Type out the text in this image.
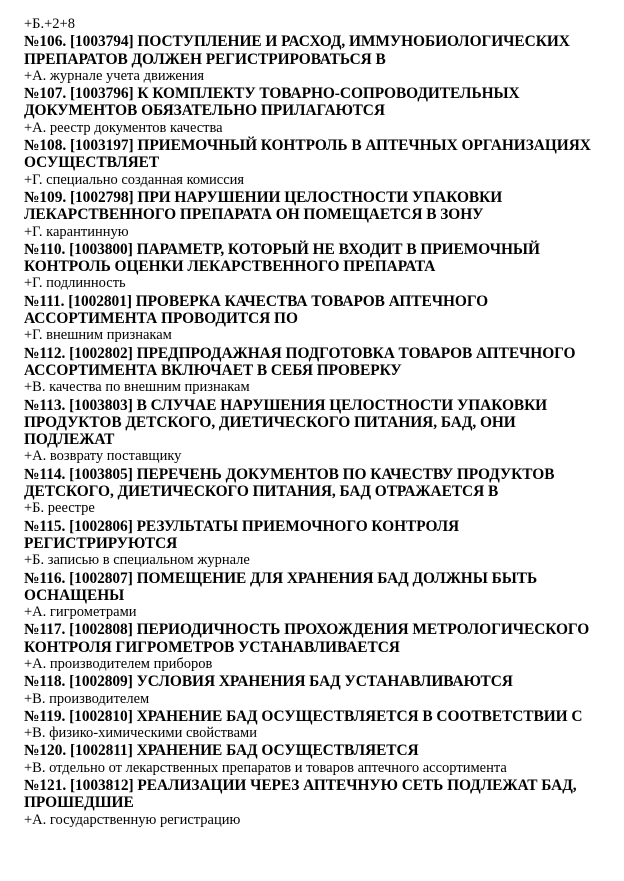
+Б.+2+8
№106. [1003794] ПОСТУПЛЕНИЕ И РАСХОД, ИММУНОБИОЛОГИЧЕСКИХ
ПРЕПАРАТОВ ДОЛЖЕН РЕГИСТРИРОВАТЬСЯ В
+А. журнале учета движения
№107. [1003796] К КОМПЛЕКТУ ТОВАРНО-СОПРОВОДИТЕЛЬНЫХ
ДОКУМЕНТОВ ОБЯЗАТЕЛЬНО ПРИЛАГАЮТСЯ
+А. реестр документов качества
№108. [1003197] ПРИЕМОЧНЫЙ КОНТРОЛЬ В АПТЕЧНЫХ ОРГАНИЗАЦИЯХ
ОСУЩЕСТВЛЯЕТ
+Г. специально созданная комиссия
№109. [1002798] ПРИ НАРУШЕНИИ ЦЕЛОСТНОСТИ УПАКОВКИ
ЛЕКАРСТВЕННОГО ПРЕПАРАТА ОН ПОМЕЩАЕТСЯ В ЗОНУ
+Г. карантинную
№110. [1003800] ПАРАМЕТР, КОТОРЫЙ НЕ ВХОДИТ В ПРИЕМОЧНЫЙ
КОНТРОЛЬ ОЦЕНКИ ЛЕКАРСТВЕННОГО ПРЕПАРАТА
+Г. подлинность
№111. [1002801] ПРОВЕРКА КАЧЕСТВА ТОВАРОВ АПТЕЧНОГО
АССОРТИМЕНТА ПРОВОДИТСЯ ПО
+Г. внешним признакам
№112. [1002802] ПРЕДПРОДАЖНАЯ ПОДГОТОВКА ТОВАРОВ АПТЕЧНОГО
АССОРТИМЕНТА ВКЛЮЧАЕТ В СЕБЯ ПРОВЕРКУ
+В. качества по внешним признакам
№113. [1003803] В СЛУЧАЕ НАРУШЕНИЯ ЦЕЛОСТНОСТИ УПАКОВКИ
ПРОДУКТОВ ДЕТСКОГО, ДИЕТИЧЕСКОГО ПИТАНИЯ, БАД, ОНИ
ПОДЛЕЖАТ
+А. возврату поставщику
№114. [1003805] ПЕРЕЧЕНЬ ДОКУМЕНТОВ ПО КАЧЕСТВУ ПРОДУКТОВ
ДЕТСКОГО, ДИЕТИЧЕСКОГО ПИТАНИЯ, БАД ОТРАЖАЕТСЯ В
+Б. реестре
№115. [1002806] РЕЗУЛЬТАТЫ ПРИЕМОЧНОГО КОНТРОЛЯ
РЕГИСТРИРУЮТСЯ
+Б. записью в специальном журнале
№116. [1002807] ПОМЕЩЕНИЕ ДЛЯ ХРАНЕНИЯ БАД ДОЛЖНЫ БЫТЬ
ОСНАЩЕНЫ
+А. гигрометрами
№117. [1002808] ПЕРИОДИЧНОСТЬ ПРОХОЖДЕНИЯ МЕТРОЛОГИЧЕСКОГО
КОНТРОЛЯ ГИГРОМЕТРОВ УСТАНАВЛИВАЕТСЯ
+А. производителем приборов
№118. [1002809] УСЛОВИЯ ХРАНЕНИЯ БАД УСТАНАВЛИВАЮТСЯ
+В. производителем
№119. [1002810] ХРАНЕНИЕ БАД ОСУЩЕСТВЛЯЕТСЯ В СООТВЕТСТВИИ С
+В. физико-химическими свойствами
№120. [1002811] ХРАНЕНИЕ БАД ОСУЩЕСТВЛЯЕТСЯ
+В. отдельно от лекарственных препаратов и товаров аптечного ассортимента
№121. [1003812] РЕАЛИЗАЦИИ ЧЕРЕЗ АПТЕЧНУЮ СЕТЬ ПОДЛЕЖАТ БАД,
ПРОШЕДШИЕ
+А. государственную регистрацию
